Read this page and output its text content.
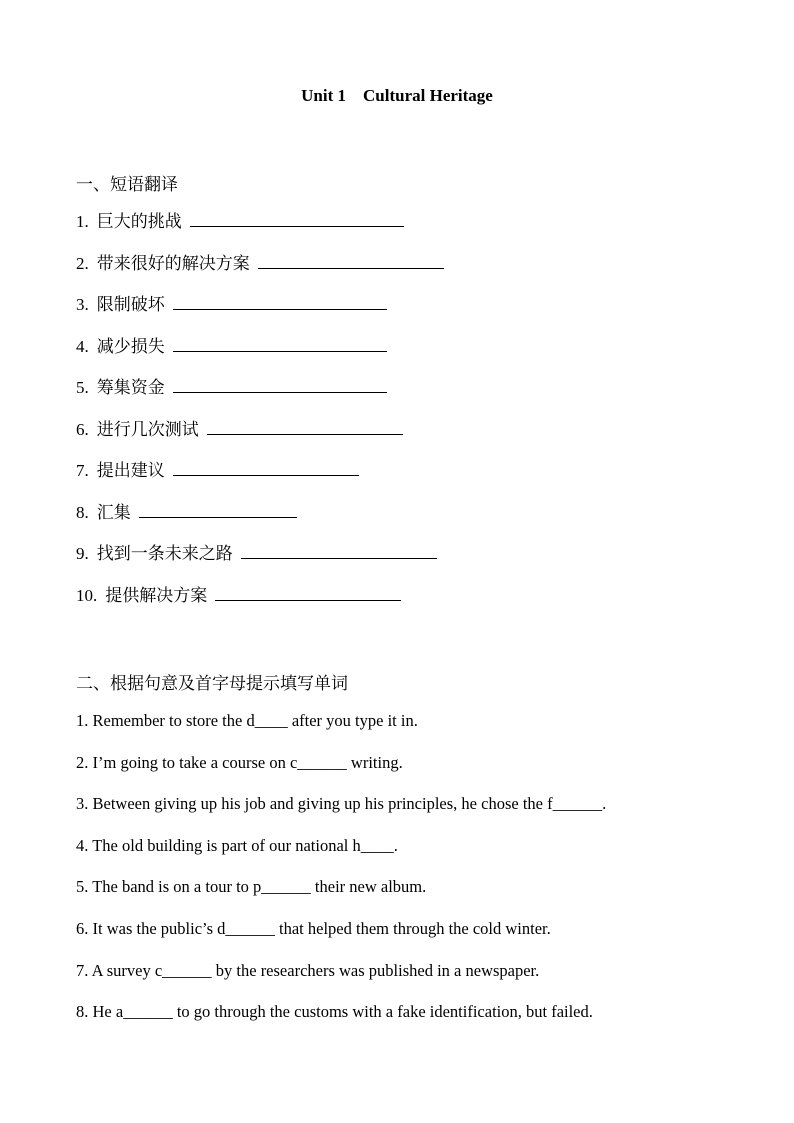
Unit 1    Cultural Heritage
一、短语翻译
1. 巨大的挑战
2. 带来很好的解决方案
3. 限制破坏
4. 减少损失
5. 筹集资金
6. 进行几次测试
7. 提出建议
8. 汇集
9. 找到一条未来之路
10. 提供解决方案
二、根据句意及首字母提示填写单词
1. Remember to store the d____ after you type it in.
2. I’m going to take a course on c______ writing.
3. Between giving up his job and giving up his principles, he chose the f______.
4. The old building is part of our national h____.
5. The band is on a tour to p______ their new album.
6. It was the public’s d______ that helped them through the cold winter.
7. A survey c______ by the researchers was published in a newspaper.
8. He a______ to go through the customs with a fake identification, but failed.
